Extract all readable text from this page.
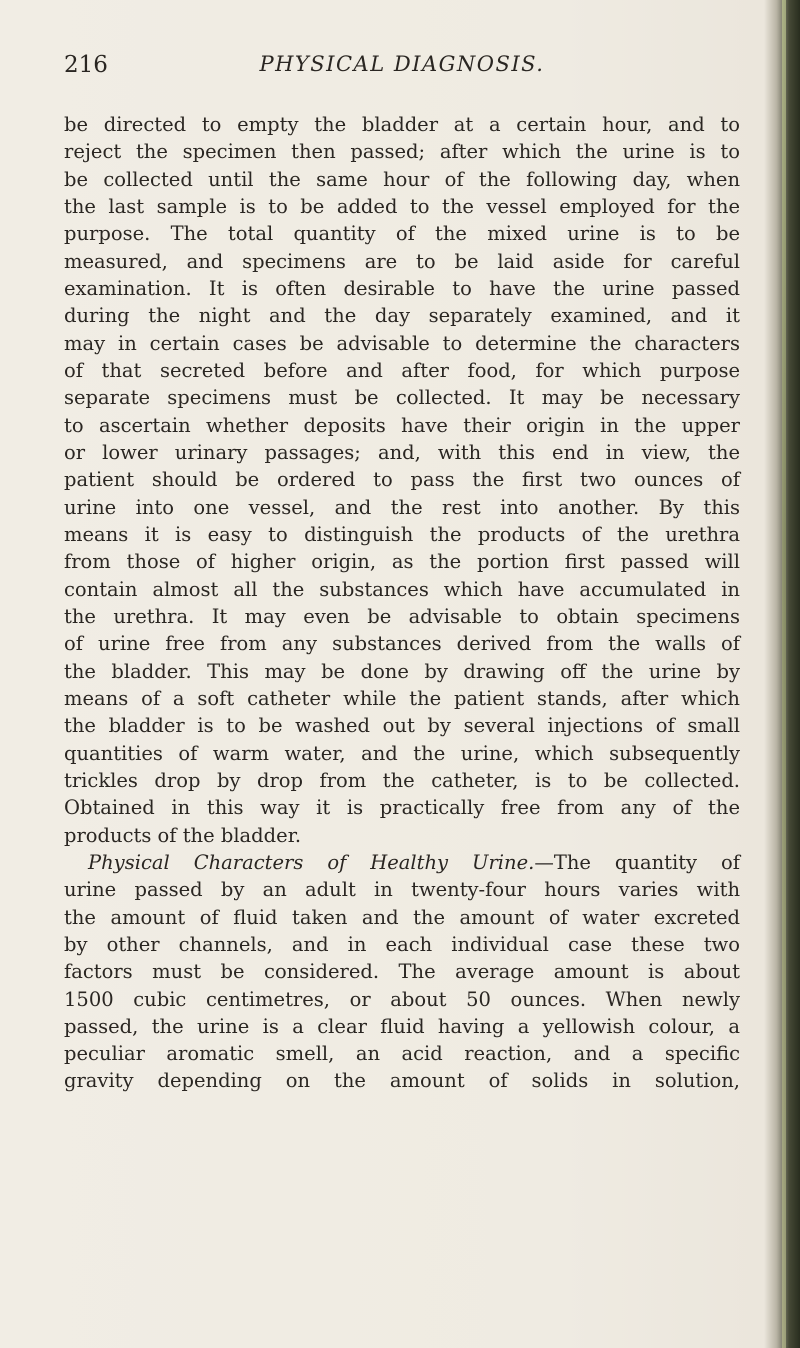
216	PHYSICAL DIAGNOSIS.
be directed to empty the bladder at a certain hour, and to
reject the specimen then passed; after which the urine is to
be collected until the same hour of the following day, when
the last sample is to be added to the vessel employed for the
purpose. The total quantity of the mixed urine is to be
measured, and specimens are to be laid aside for careful
examination. It is often desirable to have the urine passed
during the night and the day separately examined, and it
may in certain cases be advisable to determine the characters
of that secreted before and after food, for which purpose
separate specimens must be collected. It may be necessary
to ascertain whether deposits have their origin in the upper
or lower urinary passages; and, with this end in view, the
patient should be ordered to pass the first two ounces of
urine into one vessel, and the rest into another. By this
means it is easy to distinguish the products of the urethra
from those of higher origin, as the portion first passed will
contain almost all the substances which have accumulated in
the urethra. It may even be advisable to obtain specimens
of urine free from any substances derived from the walls of
the bladder. This may be done by drawing off the urine by
means of a soft catheter while the patient stands, after which
the bladder is to be washed out by several injections of small
quantities of warm water, and the urine, which subsequently
trickles drop by drop from the catheter, is to be collected.
Obtained in this way it is practically free from any of the
products of the bladder.
Physical Characters of Healthy Urine.—The quantity of
urine passed by an adult in twenty-four hours varies with
the amount of fluid taken and the amount of water excreted
by other channels, and in each individual case these two
factors must be considered. The average amount is about
1500 cubic centimetres, or about 50 ounces. When newly
passed, the urine is a clear fluid having a yellowish colour, a
peculiar aromatic smell, an acid reaction, and a specific
gravity depending on the amount of solids in solution,
